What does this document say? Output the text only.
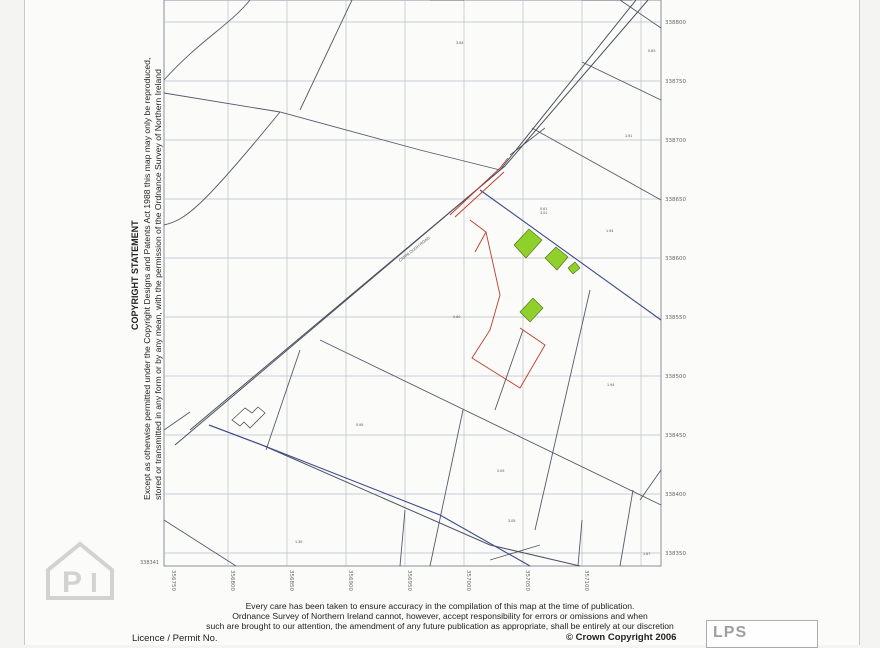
CARNLOUGH ROAD
3.54
0.83
1.91
0.61
1.94
0.69
1.94
0.95
0.09
3.05
1.39
3.01
1.67
338800
338750
338700
338650
338600
338550
338500
338450
338400
338350
338341
356750	356800	356850	356900	356950	357000	357050	357100
COPYRIGHT STATEMENT Except as otherwise permitted under the Copyright Designs and Patents Act 1988 this map may only be reproduced, stored or transmitted in any form or by any mean, with the permission of the Ordnance Survey of Northern Ireland
P I
Every care has been taken to ensure accuracy in the compilation of this map at the time of publication.
Ordnance Survey of Northern Ireland cannot, however, accept responsibility for errors or omissions and when
such are brought to our attention, the amendment of any future publication as appropriate, shall be entirely at our discretion
Licence / Permit No.	© Crown Copyright 2006 LPS
